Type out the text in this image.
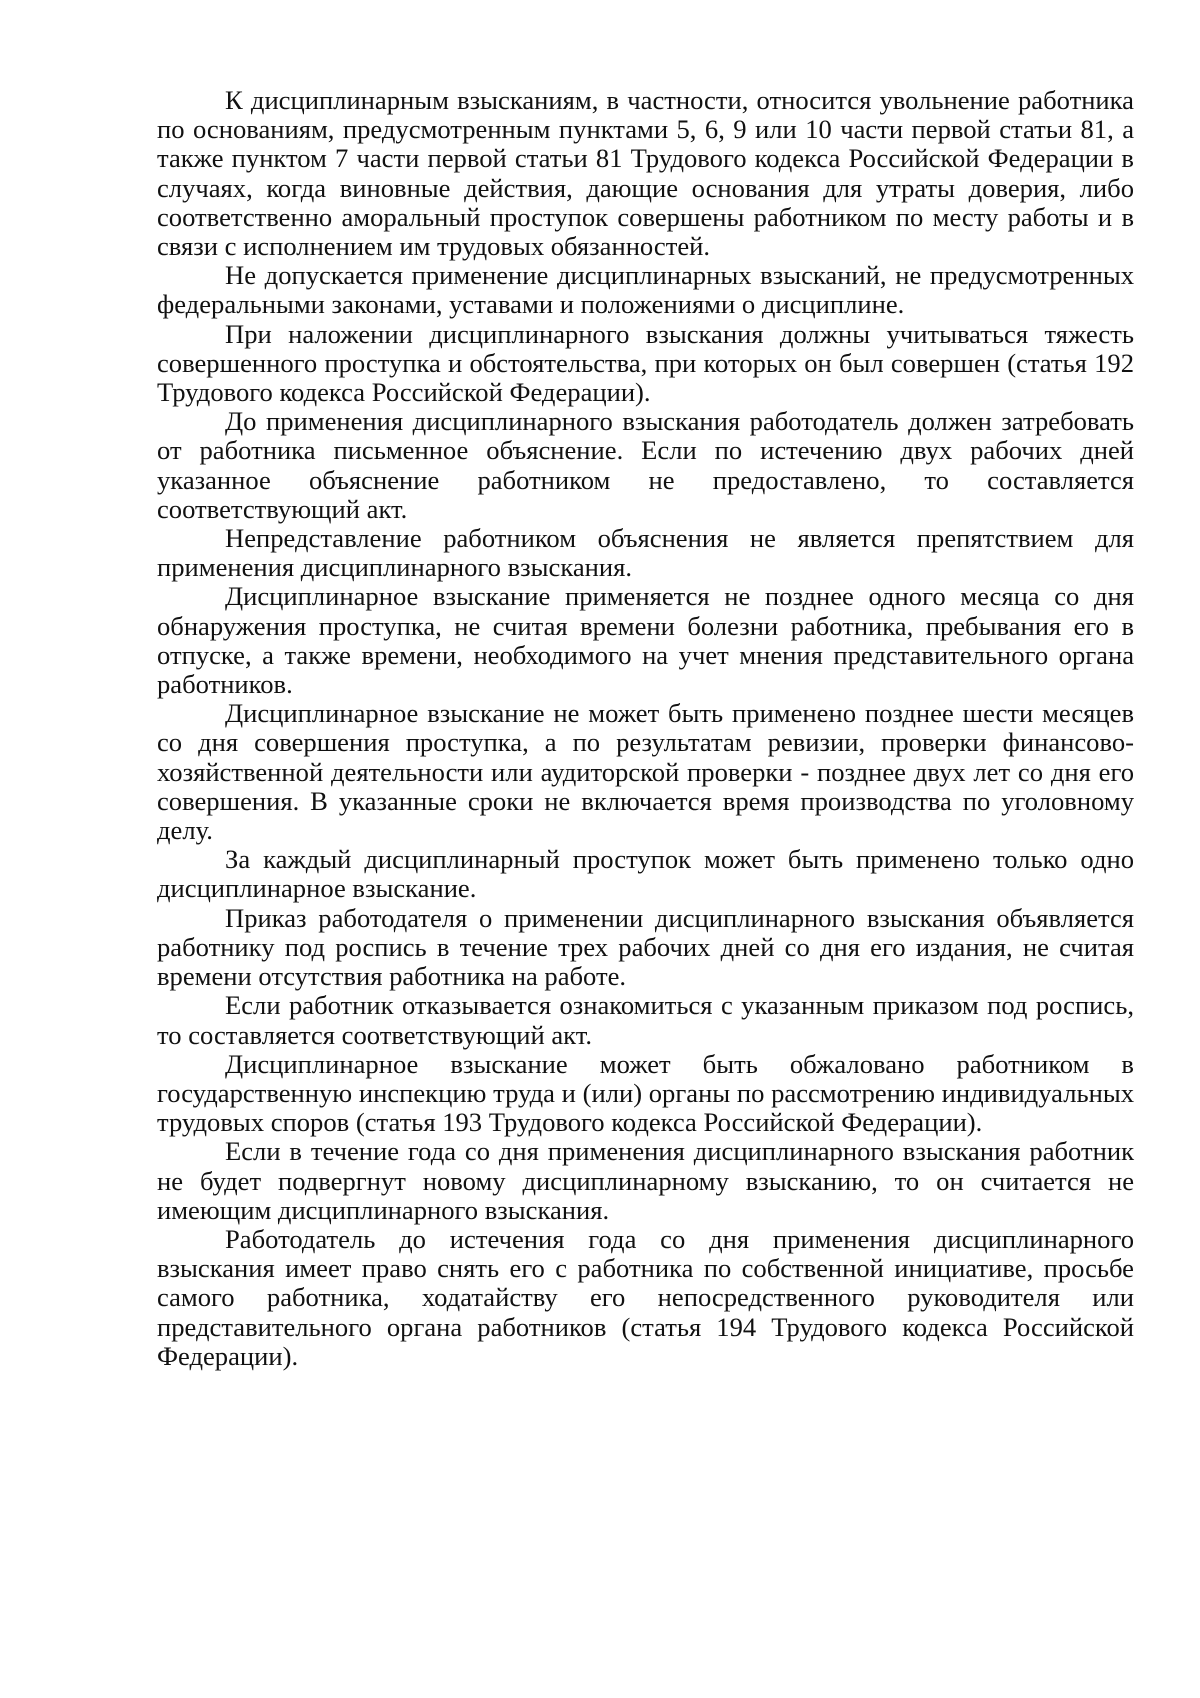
К дисциплинарным взысканиям, в частности, относится увольнение работника по основаниям, предусмотренным пунктами 5, 6, 9 или 10 части первой статьи 81, а также пунктом 7 части первой статьи 81 Трудового кодекса Российской Федерации в случаях, когда виновные действия, дающие основания для утраты доверия, либо соответственно аморальный проступок совершены работником по месту работы и в связи с исполнением им трудовых обязанностей.

Не допускается применение дисциплинарных взысканий, не предусмотренных федеральными законами, уставами и положениями о дисциплине.

При наложении дисциплинарного взыскания должны учитываться тяжесть совершенного проступка и обстоятельства, при которых он был совершен (статья 192 Трудового кодекса Российской Федерации).

До применения дисциплинарного взыскания работодатель должен затребовать от работника письменное объяснение. Если по истечению двух рабочих дней указанное объяснение работником не предоставлено, то составляется соответствующий акт.

Непредставление работником объяснения не является препятствием для применения дисциплинарного взыскания.

Дисциплинарное взыскание применяется не позднее одного месяца со дня обнаружения проступка, не считая времени болезни работника, пребывания его в отпуске, а также времени, необходимого на учет мнения представительного органа работников.

Дисциплинарное взыскание не может быть применено позднее шести месяцев со дня совершения проступка, а по результатам ревизии, проверки финансово-хозяйственной деятельности или аудиторской проверки - позднее двух лет со дня его совершения. В указанные сроки не включается время производства по уголовному делу.

За каждый дисциплинарный проступок может быть применено только одно дисциплинарное взыскание.

Приказ работодателя о применении дисциплинарного взыскания объявляется работнику под роспись в течение трех рабочих дней со дня его издания, не считая времени отсутствия работника на работе.

Если работник отказывается ознакомиться с указанным приказом под роспись, то составляется соответствующий акт.

Дисциплинарное взыскание может быть обжаловано работником в государственную инспекцию труда и (или) органы по рассмотрению индивидуальных трудовых споров (статья 193 Трудового кодекса Российской Федерации).

Если в течение года со дня применения дисциплинарного взыскания работник не будет подвергнут новому дисциплинарному взысканию, то он считается не имеющим дисциплинарного взыскания.

Работодатель до истечения года со дня применения дисциплинарного взыскания имеет право снять его с работника по собственной инициативе, просьбе самого работника, ходатайству его непосредственного руководителя или представительного органа работников (статья 194 Трудового кодекса Российской Федерации).
